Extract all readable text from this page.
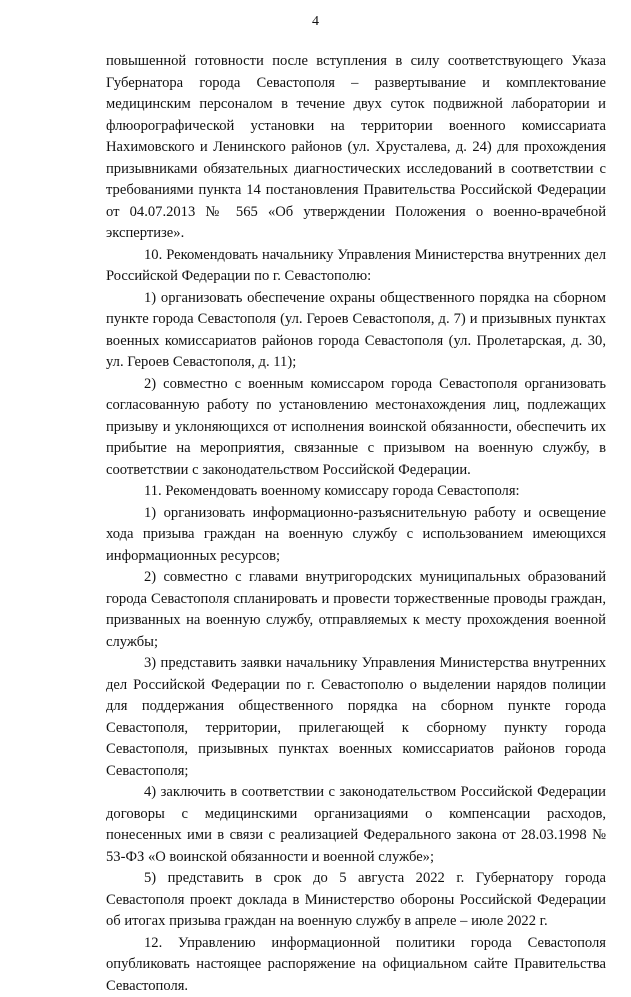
4

повышенной готовности после вступления в силу соответствующего Указа Губернатора города Севастополя – развертывание и комплектование медицинским персоналом в течение двух суток подвижной лаборатории и флюорографической установки на территории военного комиссариата Нахимовского и Ленинского районов (ул. Хрусталева, д. 24) для прохождения призывниками обязательных диагностических исследований в соответствии с требованиями пункта 14 постановления Правительства Российской Федерации от 04.07.2013 № 565 «Об утверждении Положения о военно-врачебной экспертизе».

10. Рекомендовать начальнику Управления Министерства внутренних дел Российской Федерации по г. Севастополю:

1) организовать обеспечение охраны общественного порядка на сборном пункте города Севастополя (ул. Героев Севастополя, д. 7) и призывных пунктах военных комиссариатов районов города Севастополя (ул. Пролетарская, д. 30, ул. Героев Севастополя, д. 11);

2) совместно с военным комиссаром города Севастополя организовать согласованную работу по установлению местонахождения лиц, подлежащих призыву и уклоняющихся от исполнения воинской обязанности, обеспечить их прибытие на мероприятия, связанные с призывом на военную службу, в соответствии с законодательством Российской Федерации.

11. Рекомендовать военному комиссару города Севастополя:

1) организовать информационно-разъяснительную работу и освещение хода призыва граждан на военную службу с использованием имеющихся информационных ресурсов;

2) совместно с главами внутригородских муниципальных образований города Севастополя спланировать и провести торжественные проводы граждан, призванных на военную службу, отправляемых к месту прохождения военной службы;

3) представить заявки начальнику Управления Министерства внутренних дел Российской Федерации по г. Севастополю о выделении нарядов полиции для поддержания общественного порядка на сборном пункте города Севастополя, территории, прилегающей к сборному пункту города Севастополя, призывных пунктах военных комиссариатов районов города Севастополя;

4) заключить в соответствии с законодательством Российской Федерации договоры с медицинскими организациями о компенсации расходов, понесенных ими в связи с реализацией Федерального закона от 28.03.1998 № 53-ФЗ «О воинской обязанности и военной службе»;

5) представить в срок до 5 августа 2022 г. Губернатору города Севастополя проект доклада в Министерство обороны Российской Федерации об итогах призыва граждан на военную службу в апреле – июле 2022 г.

12. Управлению информационной политики города Севастополя опубликовать настоящее распоряжение на официальном сайте Правительства Севастополя.
